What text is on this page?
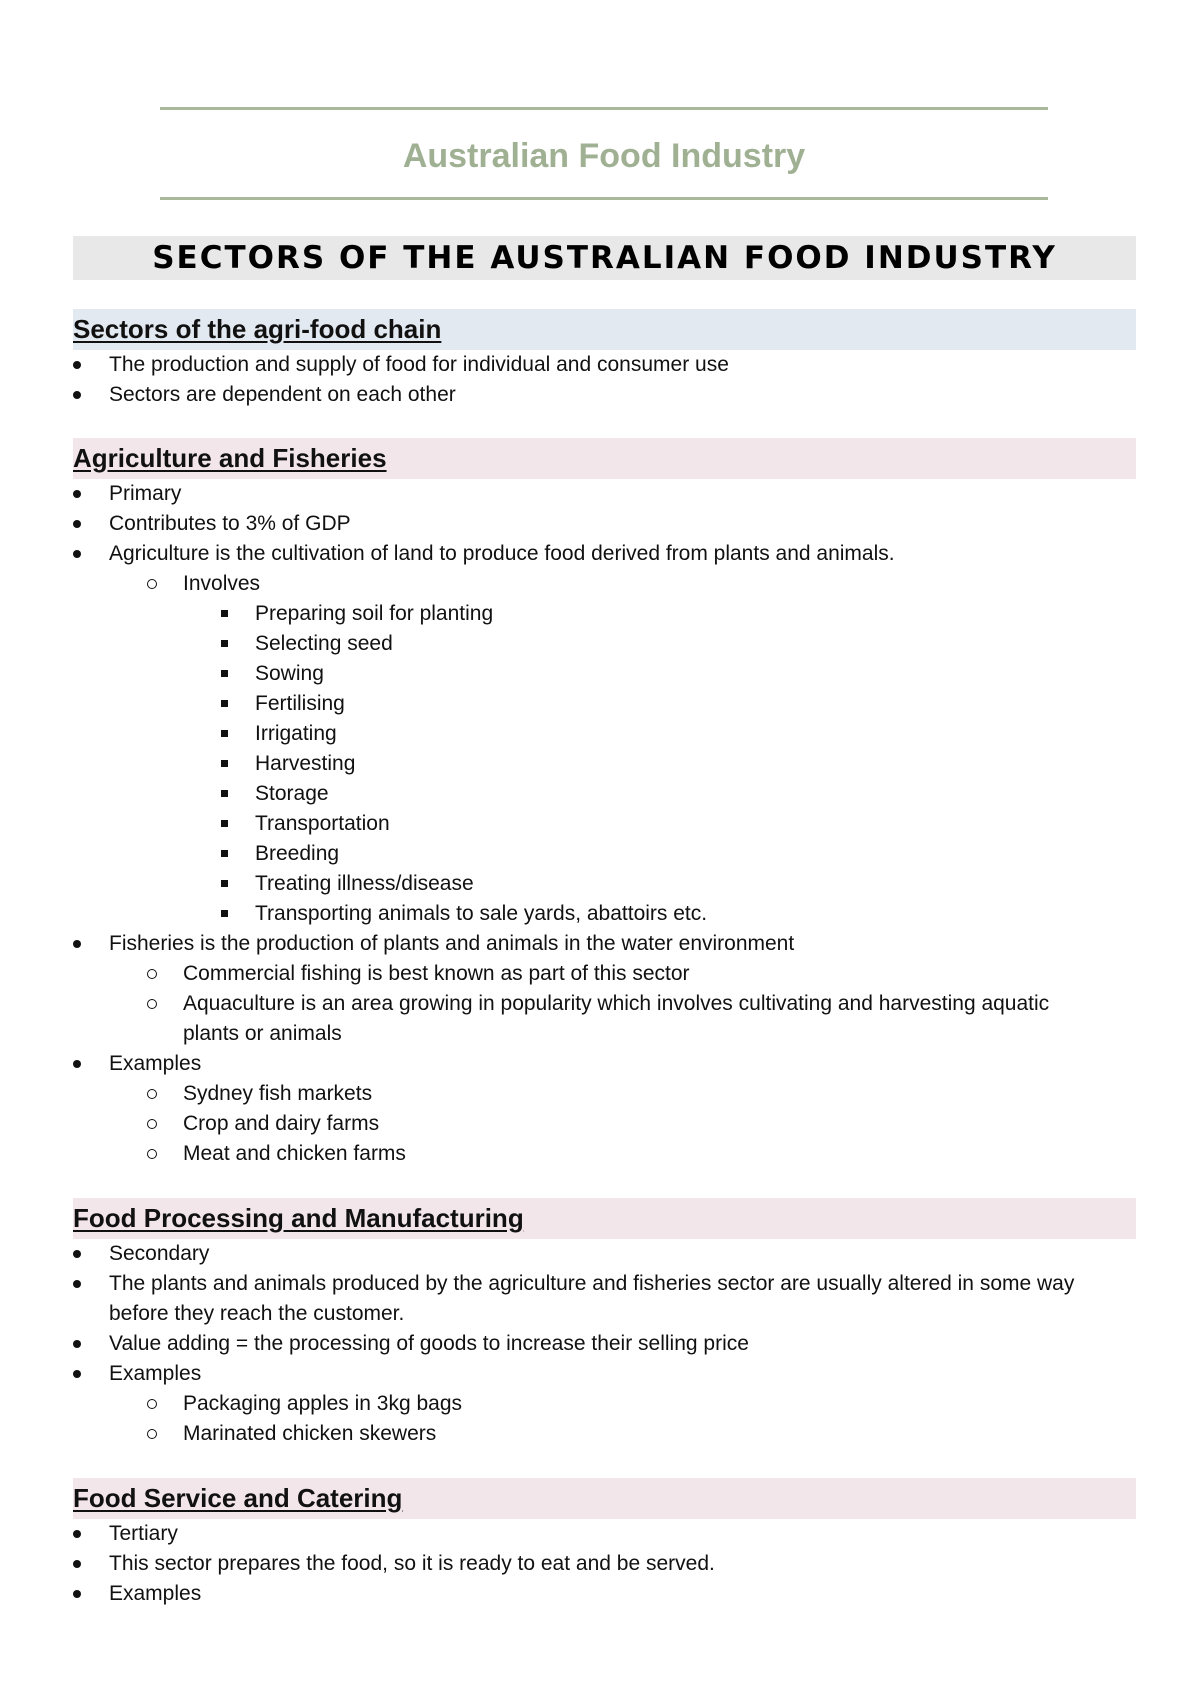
Australian Food Industry
SECTORS OF THE AUSTRALIAN FOOD INDUSTRY
Sectors of the agri-food chain
The production and supply of food for individual and consumer use
Sectors are dependent on each other
Agriculture and Fisheries
Primary
Contributes to 3% of GDP
Agriculture is the cultivation of land to produce food derived from plants and animals.
Involves
Preparing soil for planting
Selecting seed
Sowing
Fertilising
Irrigating
Harvesting
Storage
Transportation
Breeding
Treating illness/disease
Transporting animals to sale yards, abattoirs etc.
Fisheries is the production of plants and animals in the water environment
Commercial fishing is best known as part of this sector
Aquaculture is an area growing in popularity which involves cultivating and harvesting aquatic
plants or animals
Examples
Sydney fish markets
Crop and dairy farms
Meat and chicken farms
Food Processing and Manufacturing
Secondary
The plants and animals produced by the agriculture and fisheries sector are usually altered in some way
before they reach the customer.
Value adding = the processing of goods to increase their selling price
Examples
Packaging apples in 3kg bags
Marinated chicken skewers
Food Service and Catering
Tertiary
This sector prepares the food, so it is ready to eat and be served.
Examples
